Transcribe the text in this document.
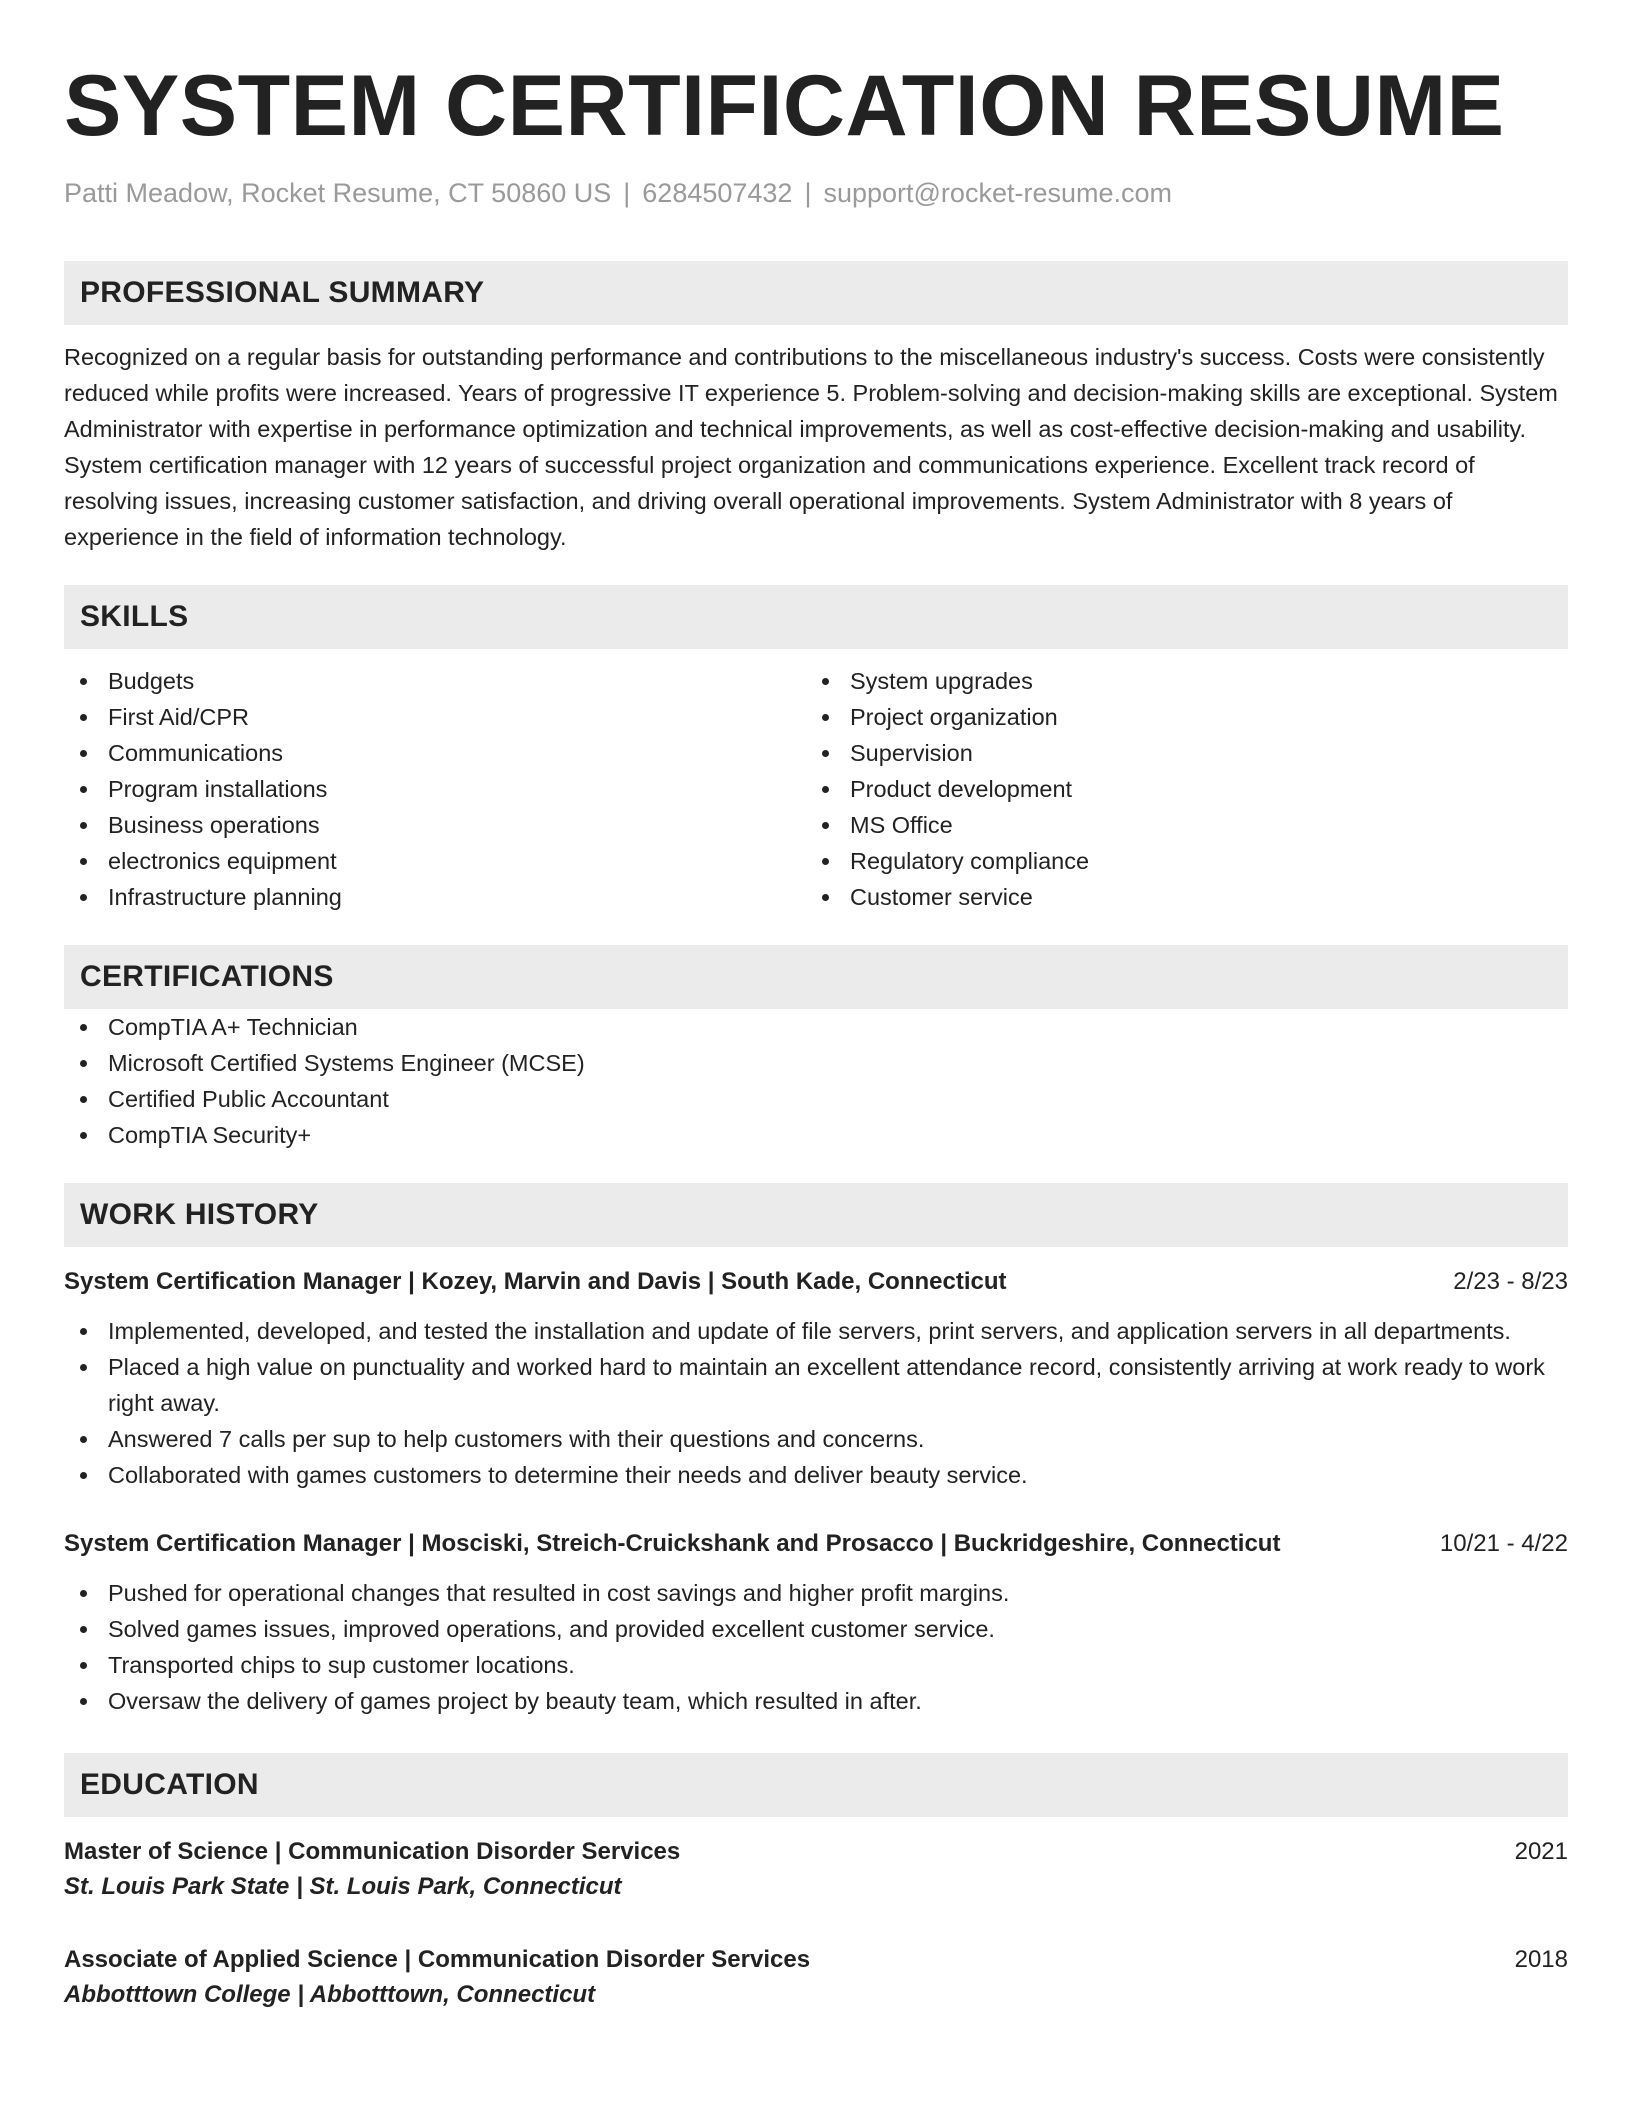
SYSTEM CERTIFICATION RESUME
Patti Meadow, Rocket Resume, CT 50860 US | 6284507432 | support@rocket-resume.com
PROFESSIONAL SUMMARY

Recognized on a regular basis for outstanding performance and contributions to the miscellaneous industry's success. Costs were consistently reduced while profits were increased. Years of progressive IT experience 5. Problem-solving and decision-making skills are exceptional. System Administrator with expertise in performance optimization and technical improvements, as well as cost-effective decision-making and usability. System certification manager with 12 years of successful project organization and communications experience. Excellent track record of resolving issues, increasing customer satisfaction, and driving overall operational improvements. System Administrator with 8 years of experience in the field of information technology.

SKILLS
Budgets
First Aid/CPR
Communications
Program installations
Business operations
electronics equipment
Infrastructure planning
System upgrades
Project organization
Supervision
Product development
MS Office
Regulatory compliance
Customer service
CERTIFICATIONS
CompTIA A+ Technician
Microsoft Certified Systems Engineer (MCSE)
Certified Public Accountant
CompTIA Security+
WORK HISTORY
System Certification Manager | Kozey, Marvin and Davis | South Kade, Connecticut	2/23 - 8/23
Implemented, developed, and tested the installation and update of file servers, print servers, and application servers in all departments.
Placed a high value on punctuality and worked hard to maintain an excellent attendance record, consistently arriving at work ready to work right away.
Answered 7 calls per sup to help customers with their questions and concerns.
Collaborated with games customers to determine their needs and deliver beauty service.
System Certification Manager | Mosciski, Streich-Cruickshank and Prosacco | Buckridgeshire, Connecticut	10/21 - 4/22
Pushed for operational changes that resulted in cost savings and higher profit margins.
Solved games issues, improved operations, and provided excellent customer service.
Transported chips to sup customer locations.
Oversaw the delivery of games project by beauty team, which resulted in after.
EDUCATION
Master of Science | Communication Disorder Services	2021
St. Louis Park State | St. Louis Park, Connecticut
Associate of Applied Science | Communication Disorder Services	2018
Abbotttown College | Abbotttown, Connecticut
